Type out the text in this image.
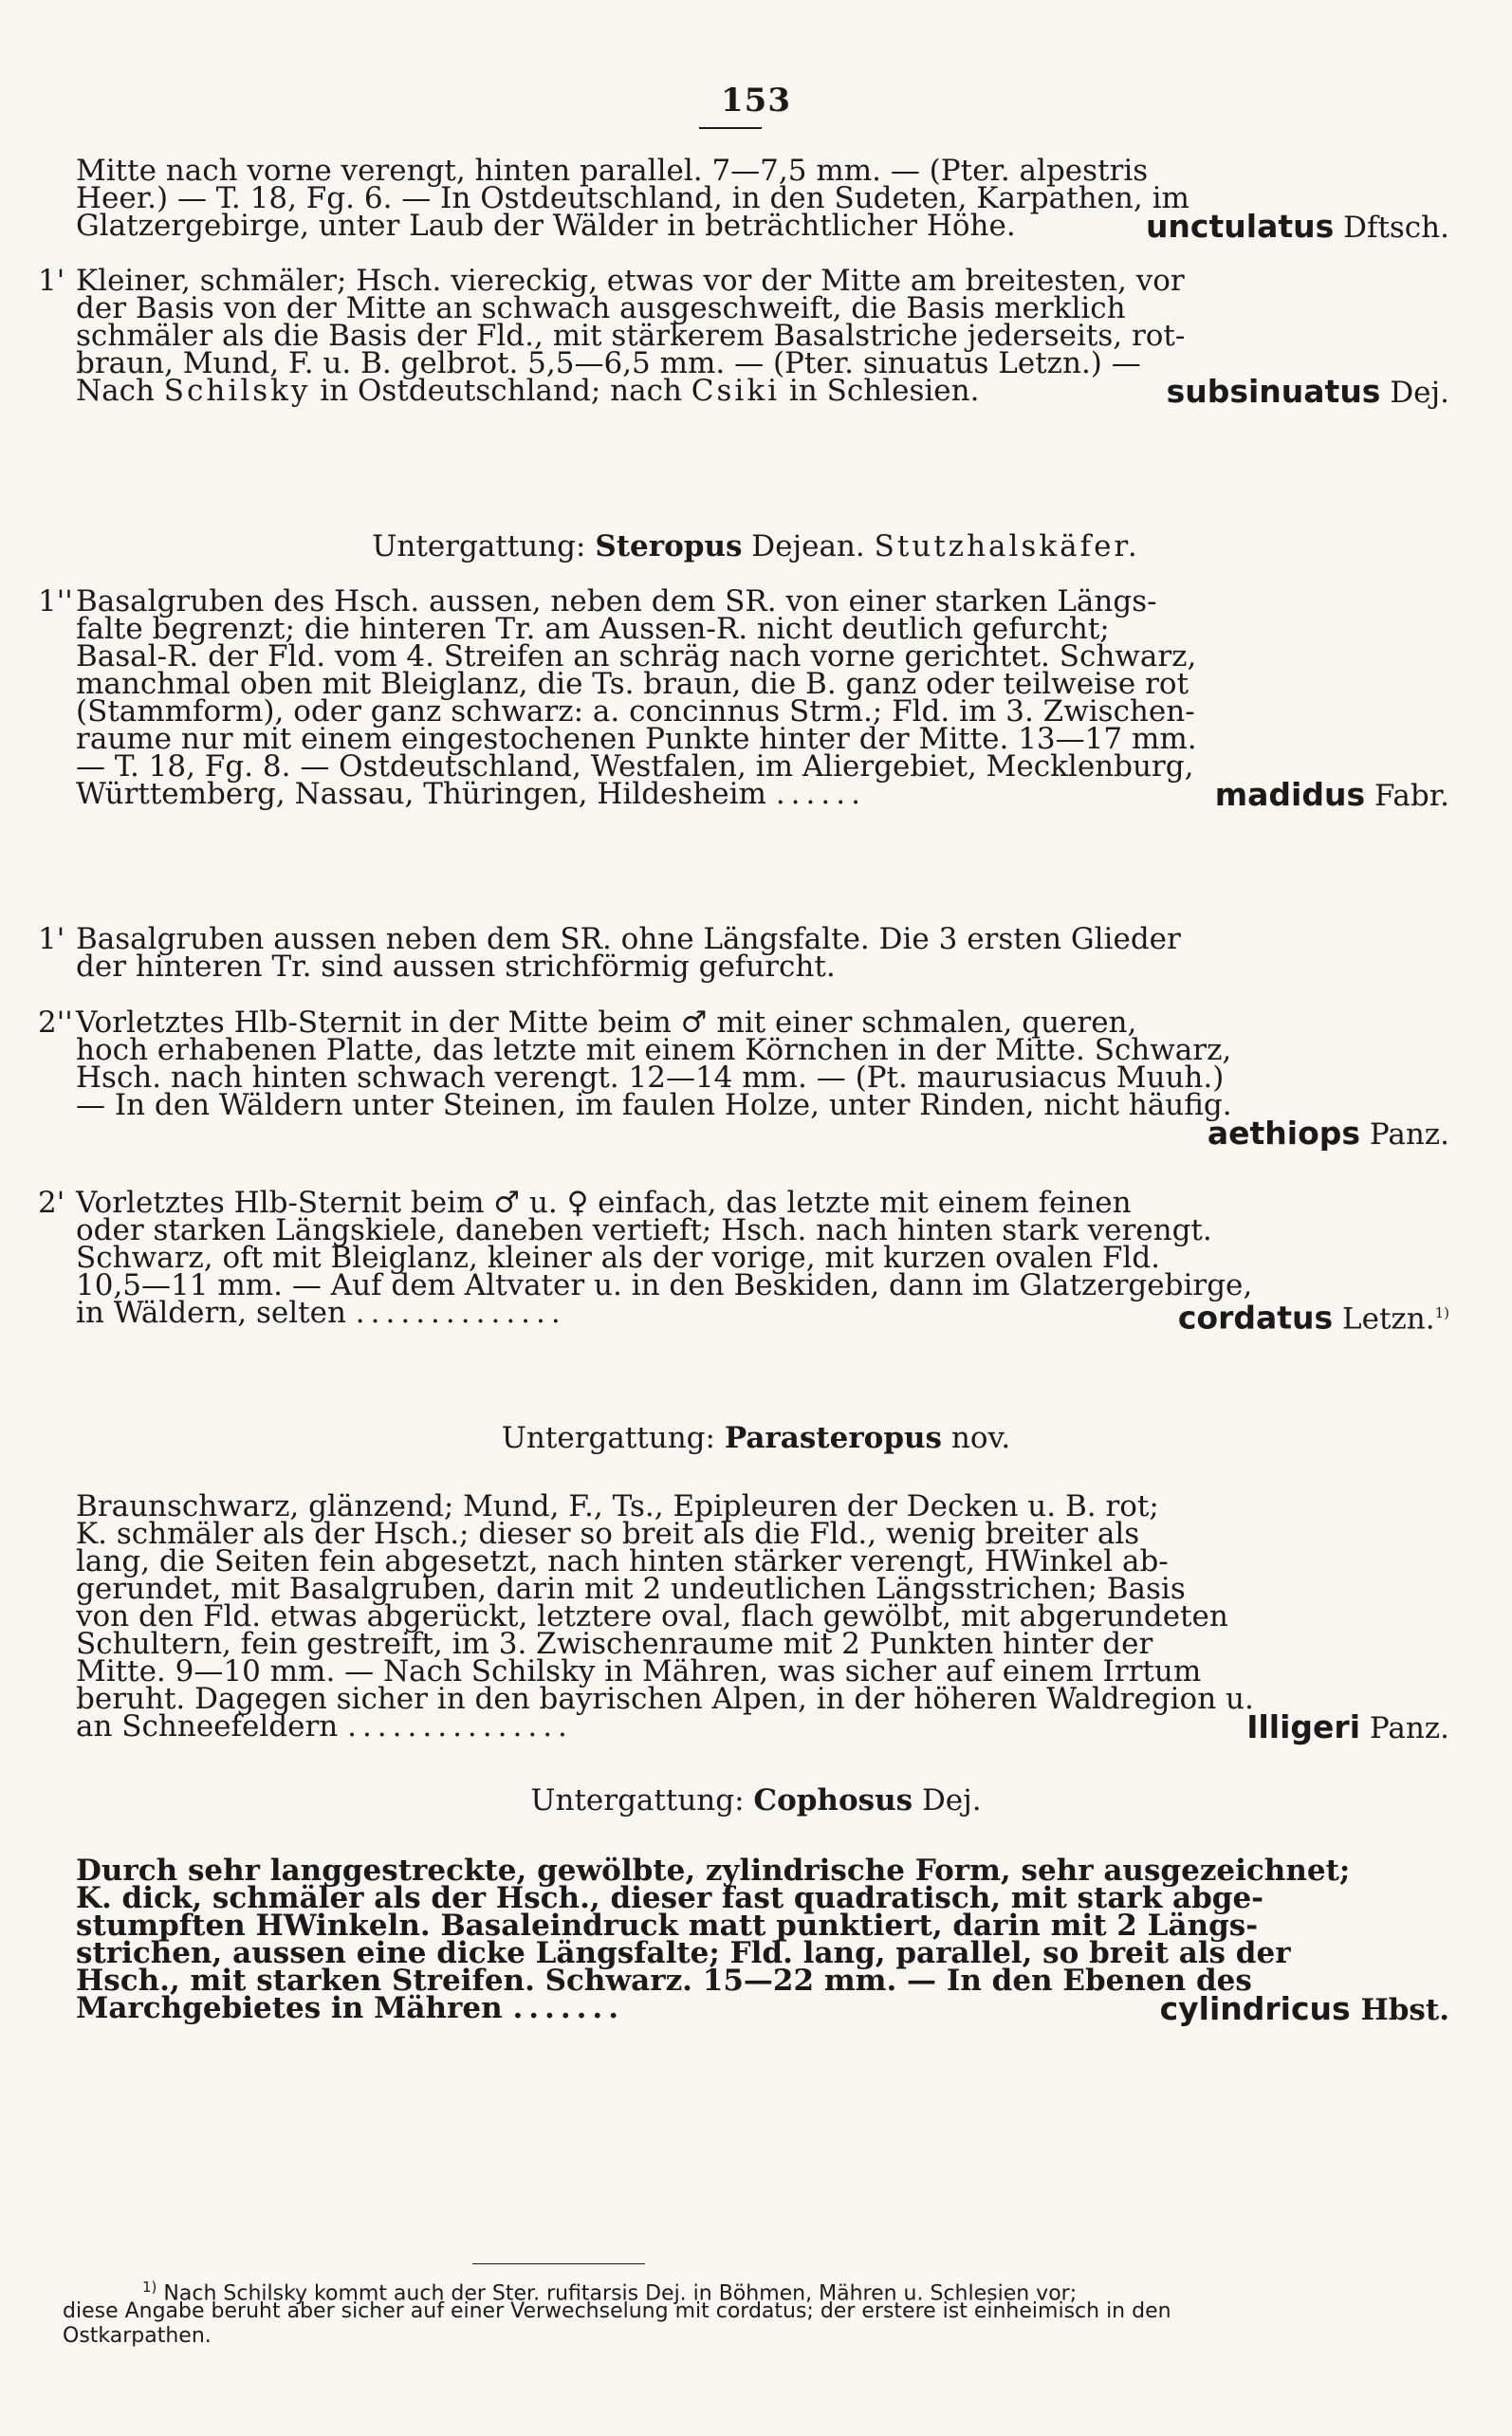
153
Mitte nach vorne verengt, hinten parallel. 7—7,5 mm. — (Pter. alpestris
Heer.) — T. 18, Fg. 6. — In Ostdeutschland, in den Sudeten, Karpathen, im
Glatzergebirge, unter Laub der Wälder in beträchtlicher Höhe.	unctulatus Dftsch.
1' Kleiner, schmäler; Hsch. viereckig, etwas vor der Mitte am breitesten, vor
der Basis von der Mitte an schwach ausgeschweift, die Basis merklich
schmäler als die Basis der Fld., mit stärkerem Basalstriche jederseits, rot-
braun, Mund, F. u. B. gelbrot. 5,5—6,5 mm. — (Pter. sinuatus Letzn.) —
Nach Schilsky in Ostdeutschland; nach Csiki in Schlesien.	subsinuatus Dej.
Untergattung: Steropus Dejean. Stutzhalskäfer.
1'' Basalgruben des Hsch. aussen, neben dem SR. von einer starken Längs-
falte begrenzt; die hinteren Tr. am Aussen-R. nicht deutlich gefurcht;
Basal-R. der Fld. vom 4. Streifen an schräg nach vorne gerichtet. Schwarz,
manchmal oben mit Bleiglanz, die Ts. braun, die B. ganz oder teilweise rot
(Stammform), oder ganz schwarz: a. concinnus Strm.; Fld. im 3. Zwischen-
raume nur mit einem eingestochenen Punkte hinter der Mitte. 13—17 mm.
— T. 18, Fg. 8. — Ostdeutschland, Westfalen, im Aliergebiet, Mecklenburg,
Württemberg, Nassau, Thüringen, Hildesheim ......	madidus Fabr.
1' Basalgruben aussen neben dem SR. ohne Längsfalte. Die 3 ersten Glieder
der hinteren Tr. sind aussen strichförmig gefurcht.
2'' Vorletztes Hlb-Sternit in der Mitte beim ♂ mit einer schmalen, queren,
hoch erhabenen Platte, das letzte mit einem Körnchen in der Mitte. Schwarz,
Hsch. nach hinten schwach verengt. 12—14 mm. — (Pt. maurusiacus Muuh.)
— In den Wäldern unter Steinen, im faulen Holze, unter Rinden, nicht häufig.
aethiops Panz.
2' Vorletztes Hlb-Sternit beim ♂ u. ♀ einfach, das letzte mit einem feinen
oder starken Längskiele, daneben vertieft; Hsch. nach hinten stark verengt.
Schwarz, oft mit Bleiglanz, kleiner als der vorige, mit kurzen ovalen Fld.
10,5—11 mm. — Auf dem Altvater u. in den Beskiden, dann im Glatzergebirge,
in Wäldern, selten ..............	cordatus Letzn.$^{1)}$
Untergattung: Parasteropus nov.
Braunschwarz, glänzend; Mund, F., Ts., Epipleuren der Decken u. B. rot;
K. schmäler als der Hsch.; dieser so breit als die Fld., wenig breiter als
lang, die Seiten fein abgesetzt, nach hinten stärker verengt, HWinkel ab-
gerundet, mit Basalgruben, darin mit 2 undeutlichen Längsstrichen; Basis
von den Fld. etwas abgerückt, letztere oval, flach gewölbt, mit abgerundeten
Schultern, fein gestreift, im 3. Zwischenraume mit 2 Punkten hinter der
Mitte. 9—10 mm. — Nach Schilsky in Mähren, was sicher auf einem Irrtum
beruht. Dagegen sicher in den bayrischen Alpen, in der höheren Waldregion u.
an Schneefeldern ...............	Illigeri Panz.
Untergattung: Cophosus Dej.
Durch sehr langgestreckte, gewölbte, zylindrische Form, sehr ausgezeichnet;
K. dick, schmäler als der Hsch., dieser fast quadratisch, mit stark abge-
stumpften HWinkeln. Basaleindruck matt punktiert, darin mit 2 Längs-
strichen, aussen eine dicke Längsfalte; Fld. lang, parallel, so breit als der
Hsch., mit starken Streifen. Schwarz. 15—22 mm. — In den Ebenen des
Marchgebietes in Mähren .......	cylindricus Hbst.
$^{1)}$ Nach Schilsky kommt auch der Ster. rufitarsis Dej. in Böhmen, Mähren u. Schlesien vor;
diese Angabe beruht aber sicher auf einer Verwechselung mit cordatus; der erstere ist einheimisch in den
Ostkarpathen.
